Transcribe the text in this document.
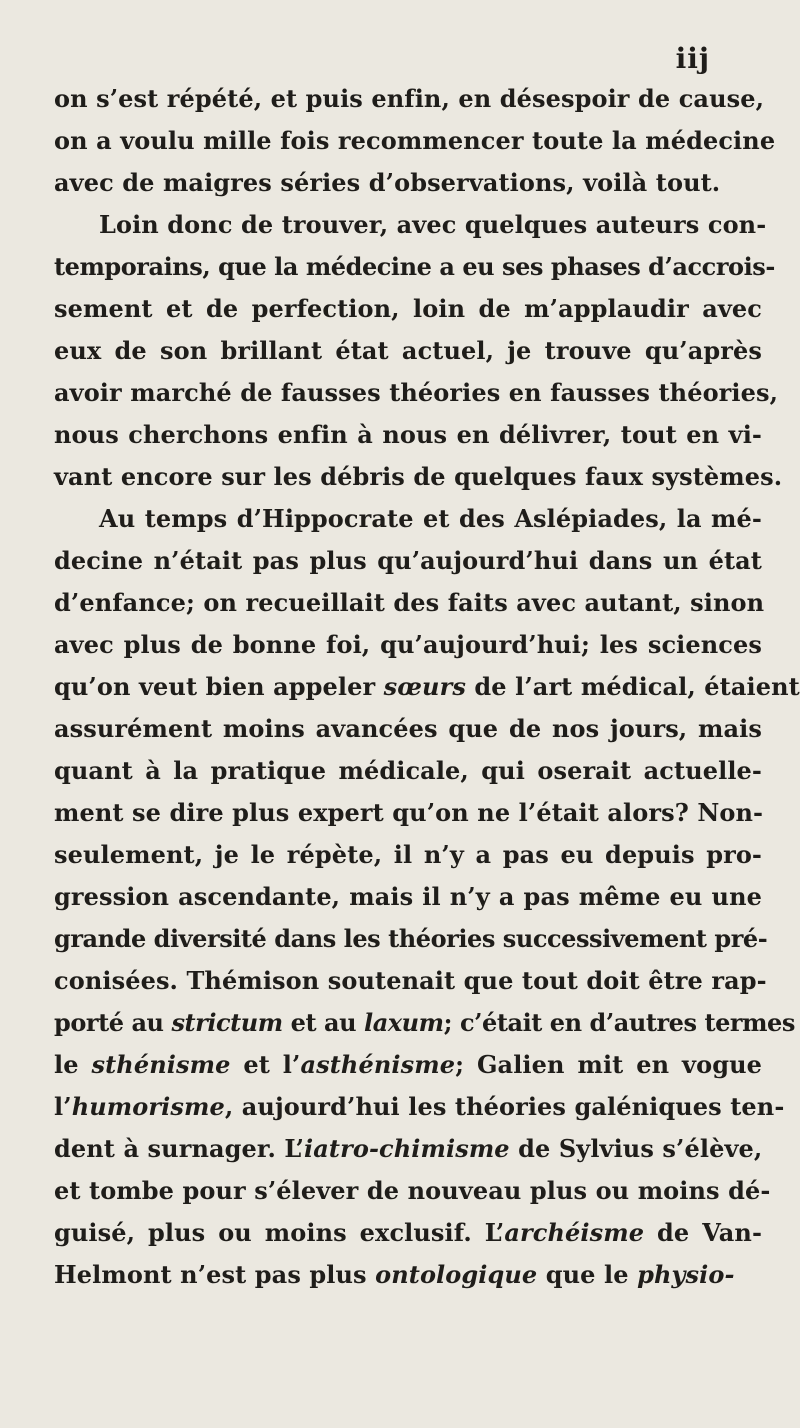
iij
on s’est répété, et puis enfin, en désespoir de cause,
on a voulu mille fois recommencer toute la médecine
avec de maigres séries d’observations, voilà tout.
Loin donc de trouver, avec quelques auteurs con-
temporains, que la médecine a eu ses phases d’accrois-
sement et de perfection, loin de m’applaudir avec
eux de son brillant état actuel, je trouve qu’après
avoir marché de fausses théories en fausses théories,
nous cherchons enfin à nous en délivrer, tout en vi-
vant encore sur les débris de quelques faux systèmes.
Au temps d’Hippocrate et des Aslépiades, la mé-
decine n’était pas plus qu’aujourd’hui dans un état
d’enfance; on recueillait des faits avec autant, sinon
avec plus de bonne foi, qu’aujourd’hui; les sciences
qu’on veut bien appeler sœurs de l’art médical, étaient
assurément moins avancées que de nos jours, mais
quant à la pratique médicale, qui oserait actuelle-
ment se dire plus expert qu’on ne l’était alors? Non-
seulement, je le répète, il n’y a pas eu depuis pro-
gression ascendante, mais il n’y a pas même eu une
grande diversité dans les théories successivement pré-
conisées. Thémison soutenait que tout doit être rap-
porté au strictum et au laxum; c’était en d’autres termes
le sthénisme et l’asthénisme; Galien mit en vogue
l’humorisme, aujourd’hui les théories galéniques ten-
dent à surnager. L’iatro-chimisme de Sylvius s’élève,
et tombe pour s’élever de nouveau plus ou moins dé-
guisé, plus ou moins exclusif. L’archéisme de Van-
Helmont n’est pas plus ontologique que le physio-
